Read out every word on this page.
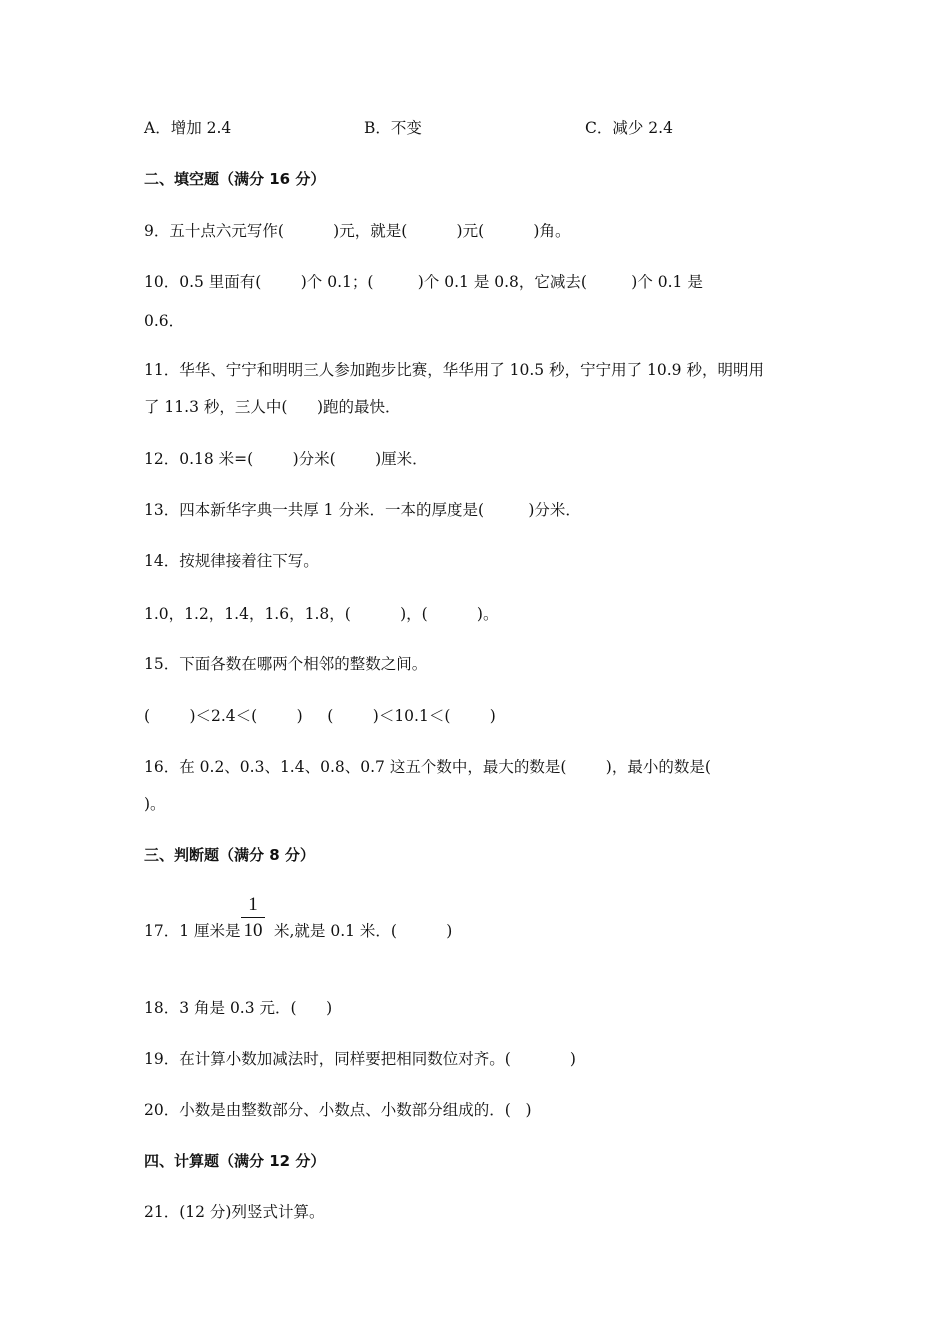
A．增加 2.4	B．不变	C．减少 2.4
二、填空题（满分 16 分）
9．五十点六元写作(          )元，就是(          )元(          )角。
10．0.5 里面有(        )个 0.1；(         )个 0.1 是 0.8，它减去(         )个 0.1 是
0.6．
11．华华、宁宁和明明三人参加跑步比赛，华华用了 10.5 秒，宁宁用了 10.9 秒，明明用
了 11.3 秒，三人中(      )跑的最快．
12．0.18 米=(        )分米(        )厘米．
13．四本新华字典一共厚 1 分米．一本的厚度是(         )分米．
14．按规律接着往下写。
1.0，1.2，1.4，1.6，1.8，(          )，(          )。
15．下面各数在哪两个相邻的整数之间。
(        )＜2.4＜(        )     (        )＜10.1＜(        )
16．在 0.2、0.3、1.4、0.8、0.7 这五个数中，最大的数是(        )，最小的数是(
)。
三、判断题（满分 8 分）
17．1 厘米是
1
10 米,就是 0.1 米．(          )
18．3 角是 0.3 元．(      )
19．在计算小数加减法时，同样要把相同数位对齐。(            )
20．小数是由整数部分、小数点、小数部分组成的．(   )
四、计算题（满分 12 分）
21．(12 分)列竖式计算。
